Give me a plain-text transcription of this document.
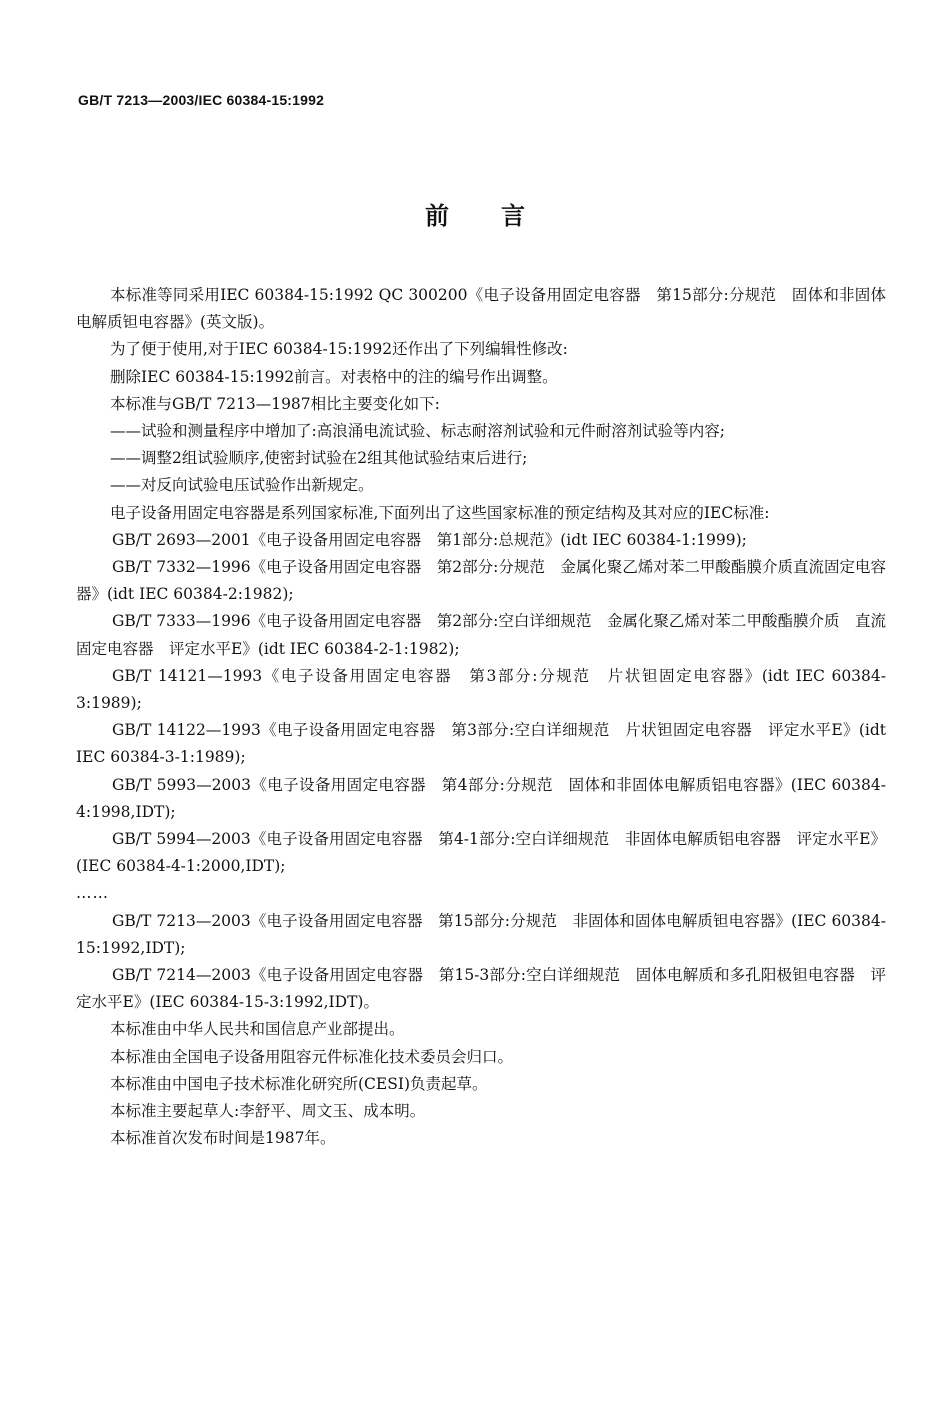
GB/T 7213—2003/IEC 60384-15:1992
前言
本标准等同采用IEC 60384-15:1992 QC 300200《电子设备用固定电容器　第15部分:分规范　固体和非固体电解质钽电容器》(英文版)。
为了便于使用,对于IEC 60384-15:1992还作出了下列编辑性修改:
删除IEC 60384-15:1992前言。对表格中的注的编号作出调整。
本标准与GB/T 7213—1987相比主要变化如下:
——试验和测量程序中增加了:高浪涌电流试验、标志耐溶剂试验和元件耐溶剂试验等内容;
——调整2组试验顺序,使密封试验在2组其他试验结束后进行;
——对反向试验电压试验作出新规定。
电子设备用固定电容器是系列国家标准,下面列出了这些国家标准的预定结构及其对应的IEC标准:
GB/T 2693—2001《电子设备用固定电容器　第1部分:总规范》(idt IEC 60384-1:1999);
GB/T 7332—1996《电子设备用固定电容器　第2部分:分规范　金属化聚乙烯对苯二甲酸酯膜介质直流固定电容器》(idt IEC 60384-2:1982);
GB/T 7333—1996《电子设备用固定电容器　第2部分:空白详细规范　金属化聚乙烯对苯二甲酸酯膜介质　直流固定电容器　评定水平E》(idt IEC 60384-2-1:1982);
GB/T 14121—1993《电子设备用固定电容器　第3部分:分规范　片状钽固定电容器》(idt IEC 60384-3:1989);
GB/T 14122—1993《电子设备用固定电容器　第3部分:空白详细规范　片状钽固定电容器　评定水平E》(idt IEC 60384-3-1:1989);
GB/T 5993—2003《电子设备用固定电容器　第4部分:分规范　固体和非固体电解质铝电容器》(IEC 60384-4:1998,IDT);
GB/T 5994—2003《电子设备用固定电容器　第4-1部分:空白详细规范　非固体电解质铝电容器　评定水平E》(IEC 60384-4-1:2000,IDT);
……
GB/T 7213—2003《电子设备用固定电容器　第15部分:分规范　非固体和固体电解质钽电容器》(IEC 60384-15:1992,IDT);
GB/T 7214—2003《电子设备用固定电容器　第15-3部分:空白详细规范　固体电解质和多孔阳极钽电容器　评定水平E》(IEC 60384-15-3:1992,IDT)。
本标准由中华人民共和国信息产业部提出。
本标准由全国电子设备用阻容元件标准化技术委员会归口。
本标准由中国电子技术标准化研究所(CESI)负责起草。
本标准主要起草人:李舒平、周文玉、成本明。
本标准首次发布时间是1987年。
